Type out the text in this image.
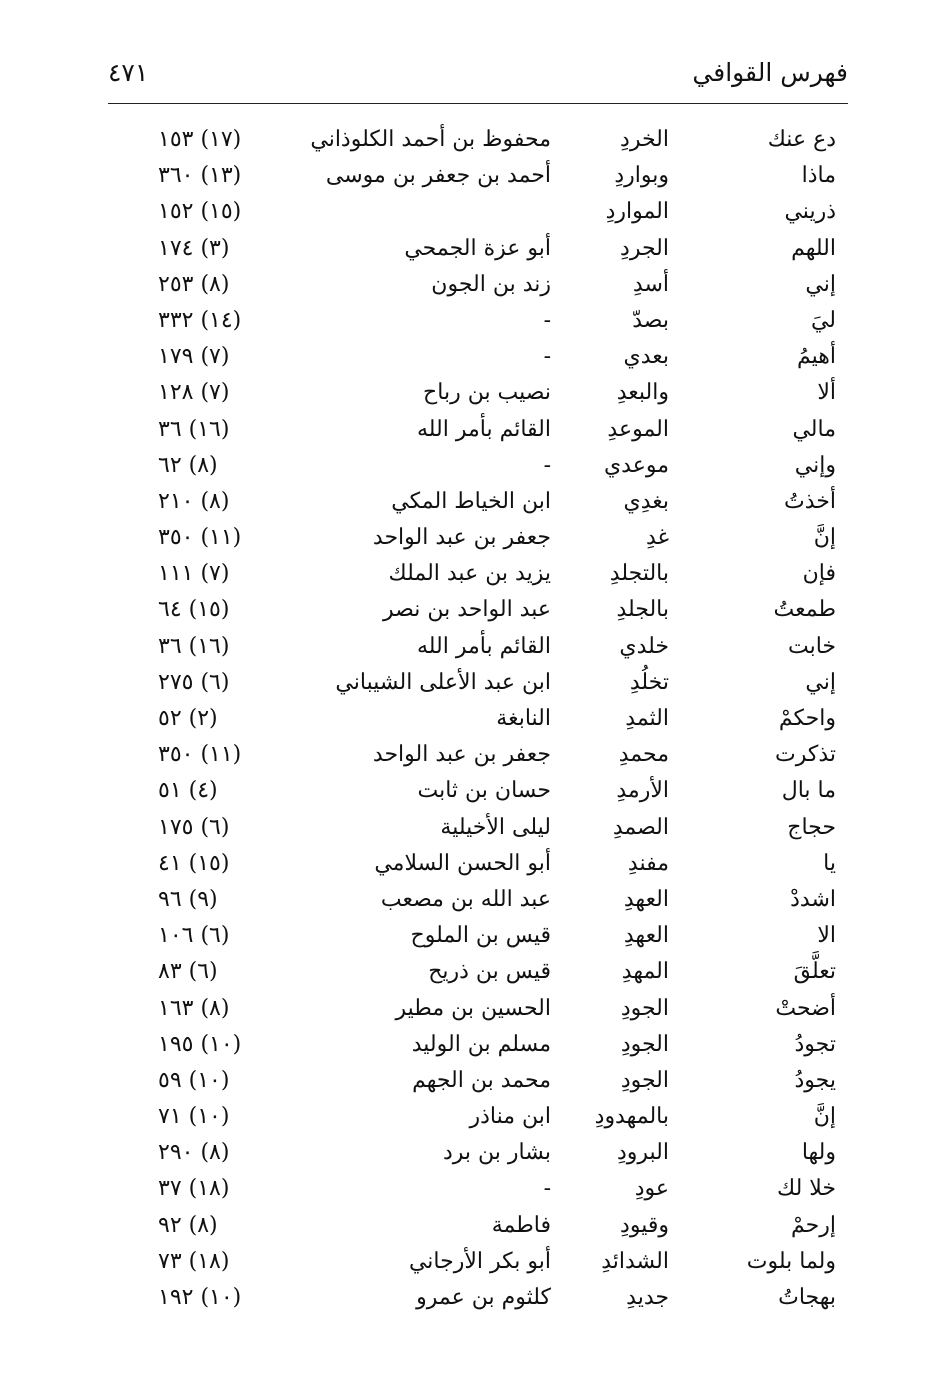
فهرس القوافي
٤٧١
دع عنك
الخردِ
محفوظ بن أحمد الكلوذاني
(١٧) ١٥٣
ماذا
وبواردِ
أحمد بن جعفر بن موسى
(١٣) ٣٦٠
ذريني
المواردِ
(١٥) ١٥٢
اللهم
الجردِ
أبو عزة الجمحي
(٣) ١٧٤
إني
أسدِ
زند بن الجون
(٨) ٢٥٣
ليَ
بصدّ
-
(١٤) ٣٣٢
أهيمُ
بعدي
-
(٧) ١٧٩
ألا
والبعدِ
نصيب بن رباح
(٧) ١٢٨
مالي
الموعدِ
القائم بأمر الله
(١٦) ٣٦
وإني
موعدي
-
(٨) ٦٢
أخذتُ
بغدِي
ابن الخياط المكي
(٨) ٢١٠
إنَّ
غدِ
جعفر بن عبد الواحد
(١١) ٣٥٠
فإن
بالتجلدِ
يزيد بن عبد الملك
(٧) ١١١
طمعتُ
بالجلدِ
عبد الواحد بن نصر
(١٥) ٦٤
خابت
خلدي
القائم بأمر الله
(١٦) ٣٦
إني
تخلُدِ
ابن عبد الأعلى الشيباني
(٦) ٢٧٥
واحكمْ
الثمدِ
النابغة
(٢) ٥٢
تذكرت
محمدِ
جعفر بن عبد الواحد
(١١) ٣٥٠
ما بال
الأرمدِ
حسان بن ثابت
(٤) ٥١
حجاج
الصمدِ
ليلى الأخيلية
(٦) ١٧٥
يا
مفندِ
أبو الحسن السلامي
(١٥) ٤١
اشددْ
العهدِ
عبد الله بن مصعب
(٩) ٩٦
الا
العهدِ
قيس بن الملوح
(٦) ١٠٦
تعلَّقَ
المهدِ
قيس بن ذريح
(٦) ٨٣
أضحتْ
الجودِ
الحسين بن مطير
(٨) ١٦٣
تجودُ
الجودِ
مسلم بن الوليد
(١٠) ١٩٥
يجودُ
الجودِ
محمد بن الجهم
(١٠) ٥٩
إنَّ
بالمهدودِ
ابن مناذر
(١٠) ٧١
ولها
البرودِ
بشار بن برد
(٨) ٢٩٠
خلا لك
عودِ
-
(١٨) ٣٧
إرحمْ
وقيودِ
فاطمة
(٨) ٩٢
ولما بلوت
الشدائدِ
أبو بكر الأرجاني
(١٨) ٧٣
بهجاتُ
جديدِ
كلثوم بن عمرو
(١٠) ١٩٢
